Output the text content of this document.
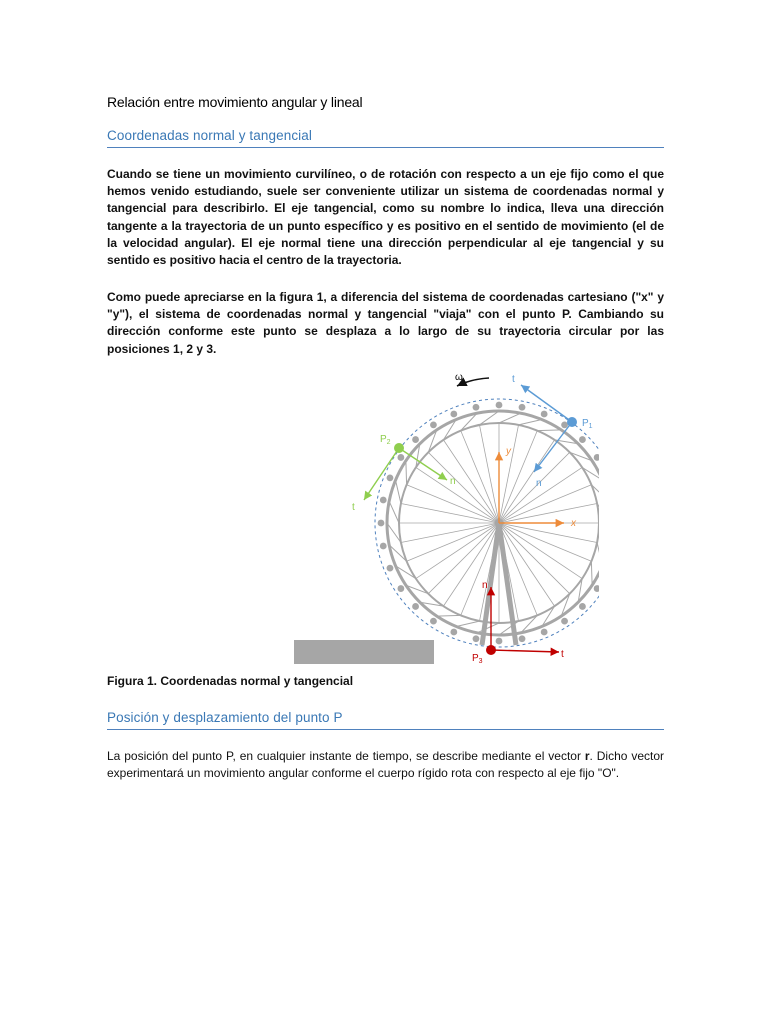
Relación entre movimiento angular y lineal
Coordenadas normal y tangencial

Cuando se tiene un movimiento curvilíneo, o de rotación con respecto a un eje fijo como el que hemos venido estudiando, suele ser conveniente utilizar un sistema de coordenadas normal y tangencial para describirlo. El eje tangencial, como su nombre lo indica, lleva una dirección tangente a la trayectoria de un punto específico y es positivo en el sentido de movimiento (el de la velocidad angular). El eje normal tiene una dirección perpendicular al eje tangencial y su sentido es positivo hacia el centro de la trayectoria.

Como puede apreciarse en la figura 1, a diferencia del sistema de coordenadas cartesiano ("x" y "y"), el sistema de coordenadas normal y tangencial "viaja" con el punto P. Cambiando su dirección conforme este punto se desplaza a lo largo de su trayectoria circular por las posiciones 1, 2 y 3.

ω
x
y
$P_1$
t
n
$P_2$
t
n
$P_3$
t
n

Figura 1. Coordenadas normal y tangencial

Posición y desplazamiento del punto P

La posición del punto P, en cualquier instante de tiempo, se describe mediante el vector r. Dicho vector experimentará un movimiento angular conforme el cuerpo rígido rota con respecto al eje fijo "O".
